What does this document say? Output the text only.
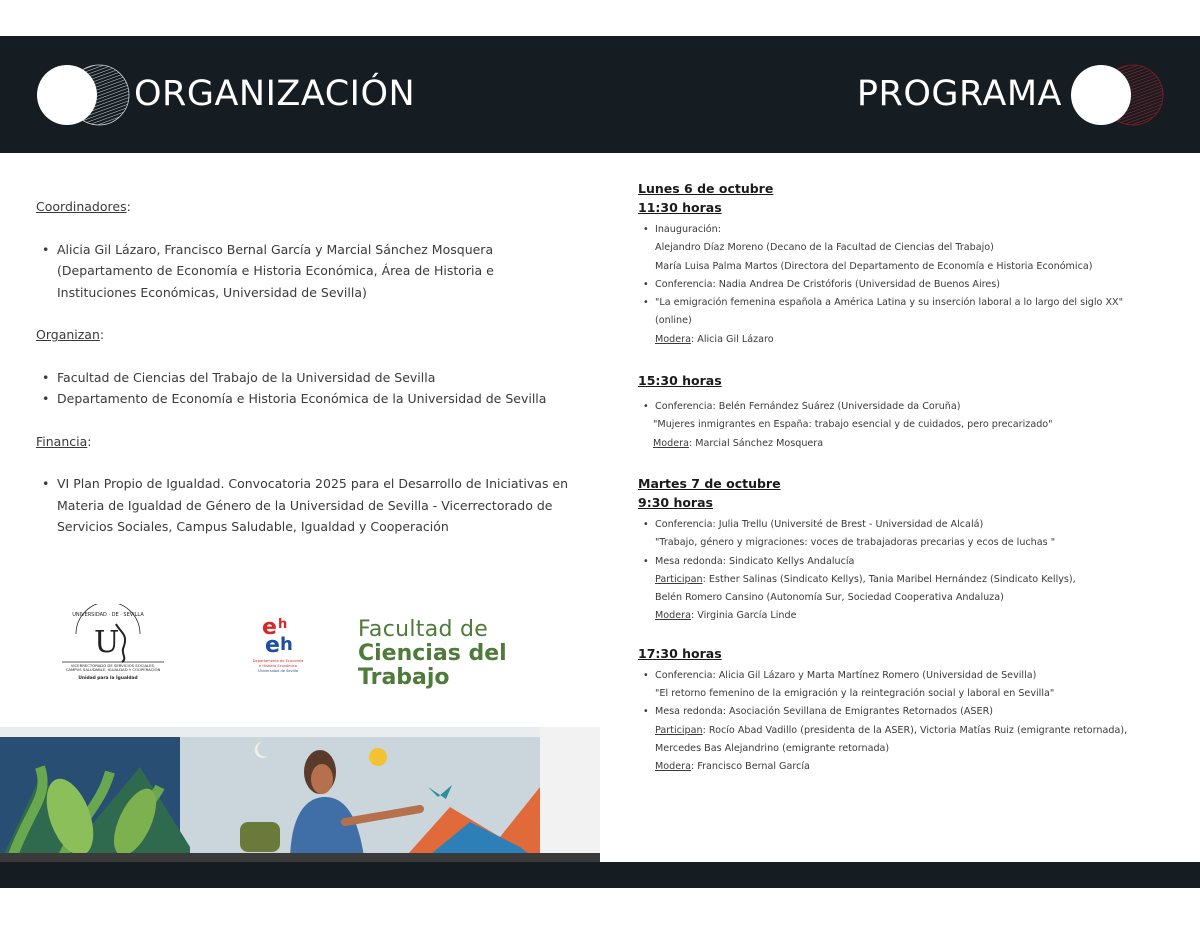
ORGANIZACIÓN	PROGRAMA
Coordinadores:
• Alicia Gil Lázaro, Francisco Bernal García y Marcial Sánchez Mosquera (Departamento de Economía e Historia Económica, Área de Historia e Instituciones Económicas, Universidad de Sevilla)
Organizan:
• Facultad de Ciencias del Trabajo de la Universidad de Sevilla
• Departamento de Economía e Historia Económica de la Universidad de Sevilla
Financia:
• VI Plan Propio de Igualdad. Convocatoria 2025 para el Desarrollo de Iniciativas en Materia de Igualdad de Género de la Universidad de Sevilla - Vicerrectorado de Servicios Sociales, Campus Saludable, Igualdad y Cooperación
UNIVERSIDAD · DE · SEVILLA
U
VICERRECTORADO DE SERVICIOS SOCIALES,
CAMPUS SALUDABLE, IGUALDAD Y COOPERACIÓN
Unidad para la Igualdad
e h
e h
Departamento de Economía
e Historia Económica
Universidad de Sevilla
Facultad de
Ciencias del Trabajo
Lunes 6 de octubre
11:30 horas
• Inauguración:
Alejandro Díaz Moreno (Decano de la Facultad de Ciencias del Trabajo)
María Luisa Palma Martos (Directora del Departamento de Economía e Historia Económica)
• Conferencia: Nadia Andrea De Cristóforis (Universidad de Buenos Aires)
• "La emigración femenina española a América Latina y su inserción laboral a lo largo del siglo XX"
(online)
Modera: Alicia Gil Lázaro
15:30 horas
• Conferencia: Belén Fernández Suárez (Universidade da Coruña)
"Mujeres inmigrantes en España: trabajo esencial y de cuidados, pero precarizado"
Modera: Marcial Sánchez Mosquera
Martes 7 de octubre
9:30 horas
• Conferencia: Julia Trellu (Université de Brest - Universidad de Alcalá)
"Trabajo, género y migraciones: voces de trabajadoras precarias y ecos de luchas "
• Mesa redonda: Sindicato Kellys Andalucía
Participan: Esther Salinas (Sindicato Kellys), Tania Maribel Hernández (Sindicato Kellys),
Belén Romero Cansino (Autonomía Sur, Sociedad Cooperativa Andaluza)
Modera: Virginia García Linde
17:30 horas
• Conferencia: Alicia Gil Lázaro y Marta Martínez Romero (Universidad de Sevilla)
"El retorno femenino de la emigración y la reintegración social y laboral en Sevilla"
• Mesa redonda: Asociación Sevillana de Emigrantes Retornados (ASER)
Participan: Rocío Abad Vadillo (presidenta de la ASER), Victoria Matías Ruiz (emigrante retornada),
Mercedes Bas Alejandrino (emigrante retornada)
Modera: Francisco Bernal García
